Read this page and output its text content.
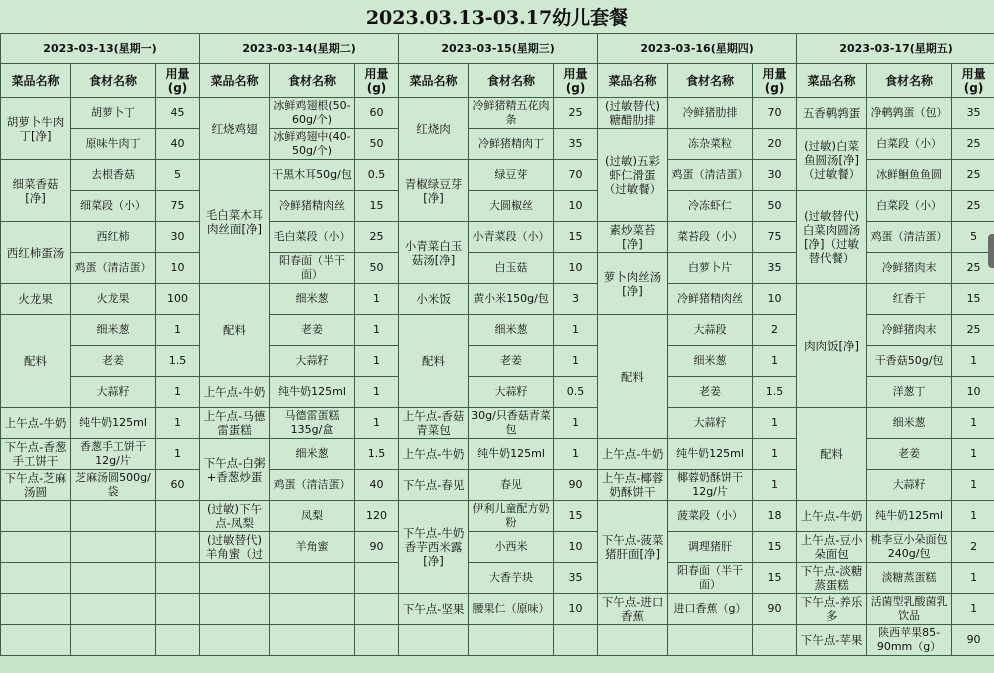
2023.03.13-03.17幼儿套餐
2023-03-13(星期一)			2023-03-14(星期二)			2023-03-15(星期三)			2023-03-16(星期四)			2023-03-17(星期五)		
菜品名称	食材名称	用量(g)	菜品名称	食材名称	用量(g)	菜品名称	食材名称	用量(g)	菜品名称	食材名称	用量(g)	菜品名称	食材名称	用量(g)
胡萝卜牛肉丁[净]	胡萝卜丁	45	红烧鸡翅	冰鲜鸡翅根(50-60g/个)	60	红烧肉	冷鲜猪精五花肉条	25	(过敏替代)糖醋肋排	冷鲜猪肋排	70	五香鹌鹑蛋	净鹌鹑蛋（包）	35
	原味牛肉丁	40		冰鲜鸡翅中(40-50g/个)	50		冷鲜猪精肉丁	35	(过敏)五彩虾仁滑蛋（过敏餐）	冻杂菜粒	20	(过敏)白菜鱼圆汤[净]（过敏餐）	白菜段（小）	25
细菜香菇[净]	去根香菇	5	毛白菜木耳肉丝面[净]	干黑木耳50g/包	0.5	青椒绿豆芽[净]	绿豆芽	70		鸡蛋（清洁蛋）	30		冰鲜鮰鱼鱼圆	25
	细菜段（小）	75		冷鲜猪精肉丝	15		大圆椒丝	10		冷冻虾仁	50	(过敏替代)白菜肉圆汤[净]（过敏替代餐）	白菜段（小）	25
西红柿蛋汤	西红柿	30		毛白菜段（小）	25	小青菜白玉菇汤[净]	小青菜段（小）	15	素炒菜苔[净]	菜苔段（小）	75		鸡蛋（清洁蛋）	5
	鸡蛋（清洁蛋）	10		阳春面（半干面）	50		白玉菇	10	萝卜肉丝汤[净]	白萝卜片	35		冷鲜猪肉末	25
火龙果	火龙果	100	配料	细米葱	1	小米饭	黄小米150g/包	3		冷鲜猪精肉丝	10	肉肉饭[净]	红香干	15
配料	细米葱	1		老姜	1	配料	细米葱	1	配料	大蒜段	2		冷鲜猪肉末	25
	老姜	1.5		大蒜籽	1		老姜	1		细米葱	1		干香菇50g/包	1
	大蒜籽	1	上午点-牛奶	纯牛奶125ml	1		大蒜籽	0.5		老姜	1.5		洋葱丁	10
上午点-牛奶	纯牛奶125ml	1	上午点-马德雷蛋糕	马德雷蛋糕135g/盒	1	上午点-香菇青菜包	30g/只香菇青菜包	1		大蒜籽	1	配料	细米葱	1
下午点-香葱手工饼干	香葱手工饼干12g/片	1	下午点-白粥+香葱炒蛋	细米葱	1.5	上午点-牛奶	纯牛奶125ml	1	上午点-牛奶	纯牛奶125ml	1		老姜	1
下午点-芝麻汤圆	芝麻汤圆500g/袋	60		鸡蛋（清洁蛋）	40	下午点-春见	春见	90	上午点-椰蓉奶酥饼干	椰蓉奶酥饼干12g/片	1		大蒜籽	1
			(过敏)下午点-凤梨	凤梨	120	下午点-牛奶香芋西米露[净]	伊利儿童配方奶粉	15	下午点-菠菜猪肝面[净]	菠菜段（小）	18	上午点-牛奶	纯牛奶125ml	1
			(过敏替代)羊角蜜（过	羊角蜜	90		小西米	10		调理猪肝	15	上午点-豆小朵面包	桃李豆小朵面包240g/包	2
							大香芋块	35		阳春面（半干面）	15	下午点-淡糖蒸蛋糕	淡糖蒸蛋糕	1
						下午点-坚果	腰果仁（原味）	10	下午点-进口香蕉	进口香蕉（g）	90	下午点-养乐多	活菌型乳酸菌乳饮品	1
												下午点-苹果	陕西苹果85-90mm（g）	90
